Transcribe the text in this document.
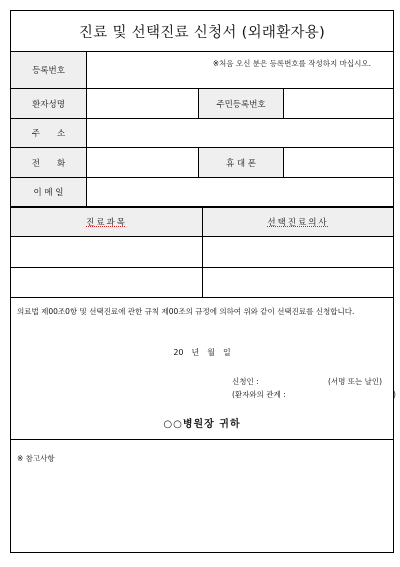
진료 및 선택진료 신청서 (외래환자용)
등록번호
※처음 오신 분은 등록번호를 작성하지 마십시오.
환자성명	주민등록번호
주　　소
전　　화	휴 대 폰
이 메 일
진료과목	선택진료의사
의료법 제00조0항 및 선택진료에 관한 규칙 제00조의 규정에 의하여 위와 같이 선택진료를 신청합니다.
20　년　월　일
신청인 :	(서명 또는 날인)
(환자와의 관계 :	)
○○병원장 귀하
※ 참고사항
